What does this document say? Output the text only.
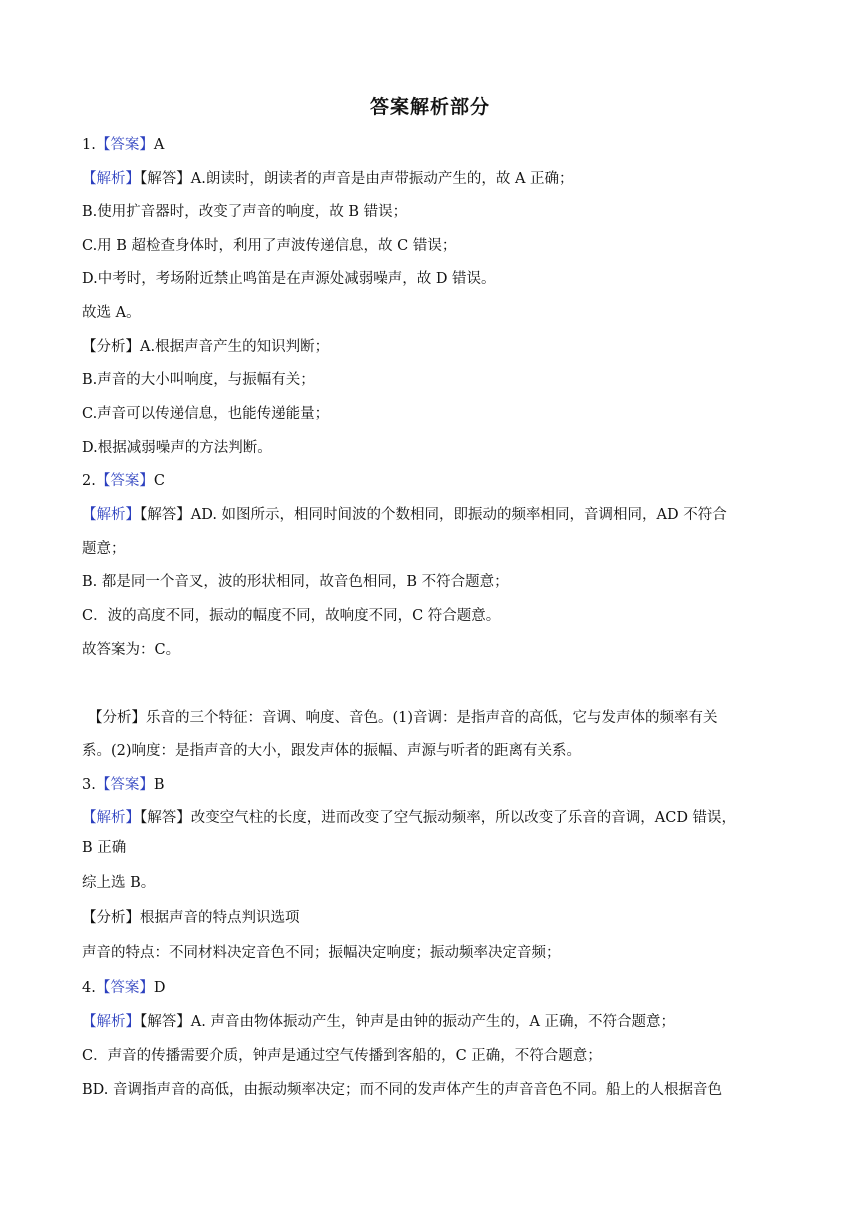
答案解析部分
1.【答案】A
【解析】【解答】A.朗读时，朗读者的声音是由声带振动产生的，故 A 正确；
B.使用扩音器时，改变了声音的响度，故 B 错误；
C.用 B 超检查身体时，利用了声波传递信息，故 C 错误；
D.中考时，考场附近禁止鸣笛是在声源处减弱噪声，故 D 错误。
故选 A。
【分析】A.根据声音产生的知识判断；
B.声音的大小叫响度，与振幅有关；
C.声音可以传递信息，也能传递能量；
D.根据减弱噪声的方法判断。
2.【答案】C
【解析】【解答】AD. 如图所示，相同时间波的个数相同，即振动的频率相同，音调相同，AD 不符合
题意；
B. 都是同一个音叉，波的形状相同，故音色相同，B 不符合题意；
C．波的高度不同，振动的幅度不同，故响度不同，C 符合题意。
故答案为：C。
【分析】乐音的三个特征：音调、响度、音色。(1)音调：是指声音的高低，它与发声体的频率有关
系。(2)响度：是指声音的大小，跟发声体的振幅、声源与听者的距离有关系。
3.【答案】B
【解析】【解答】改变空气柱的长度，进而改变了空气振动频率，所以改变了乐音的音调，ACD 错误，
B 正确
综上选 B。
【分析】根据声音的特点判识选项
声音的特点：不同材料决定音色不同；振幅决定响度；振动频率决定音频；
4.【答案】D
【解析】【解答】A. 声音由物体振动产生，钟声是由钟的振动产生的，A 正确，不符合题意；
C．声音的传播需要介质，钟声是通过空气传播到客船的，C 正确，不符合题意；
BD. 音调指声音的高低，由振动频率决定；而不同的发声体产生的声音音色不同。船上的人根据音色
